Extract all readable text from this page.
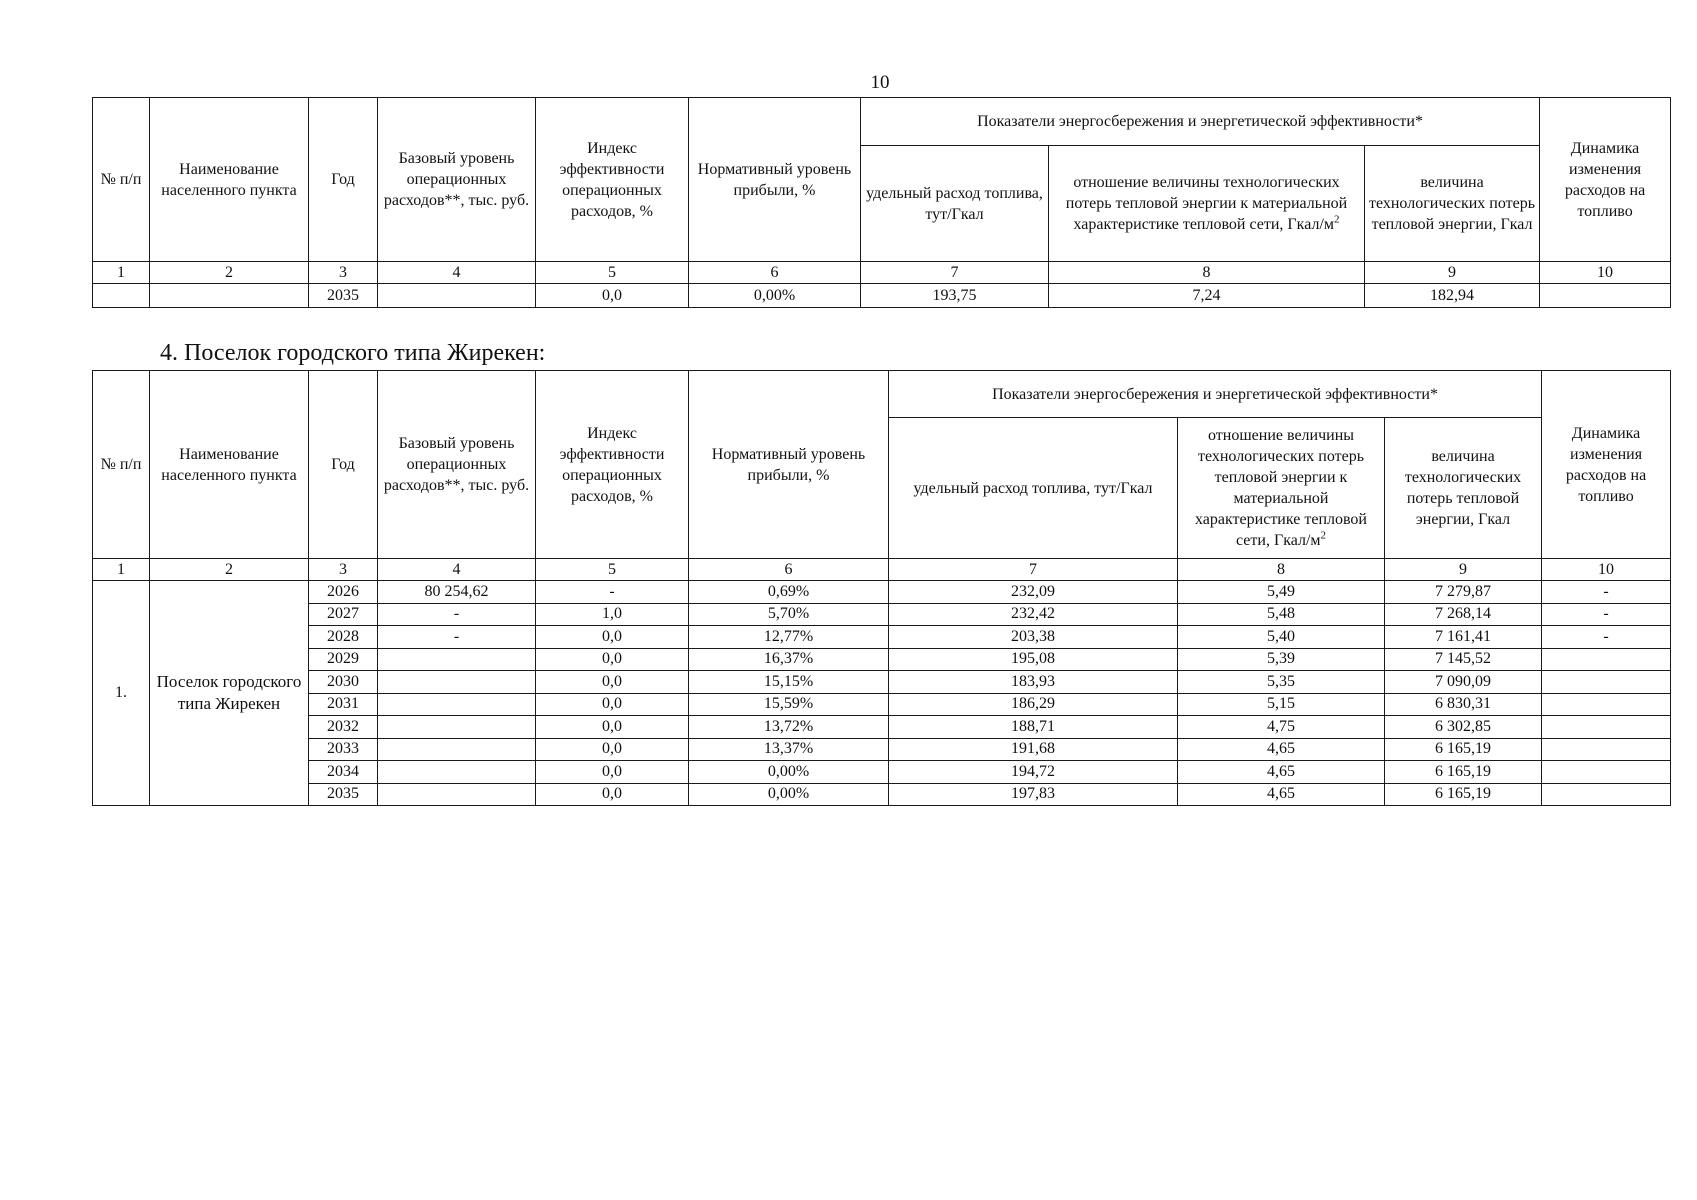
10
№ п/п	Наименование населенного пункта	Год	Базовый уровень операционных расходов**, тыс. руб.	Индекс эффективности операционных расходов, %	Нормативный уровень прибыли, %	Показатели энергосбережения и энергетической эффективности*			Динамика изменения расходов на топливо
						удельный расход топлива, тут/Гкал	отношение величины технологических потерь тепловой энергии к материальной характеристике тепловой сети, Гкал/$м^2$	величина технологических потерь тепловой энергии, Гкал	
1	2	3	4	5	6	7	8	9	10
		2035		0,0	0,00%	193,75	7,24	182,94	
4. Поселок городского типа Жирекен:
№ п/п	Наименование населенного пункта	Год	Базовый уровень операционных расходов**, тыс. руб.	Индекс эффективности операционных расходов, %	Нормативный уровень прибыли, %	Показатели энергосбережения и энергетической эффективности*			Динамика изменения расходов на топливо
						удельный расход топлива, тут/Гкал	отношение величины технологических потерь тепловой энергии к материальной характеристике тепловой сети, Гкал/$м^2$	величина технологических потерь тепловой энергии, Гкал	
1	2	3	4	5	6	7	8	9	10
1.	Поселок городского типа Жирекен	2026	80 254,62	-	0,69%	232,09	5,49	7 279,87	-
		2027	-	1,0	5,70%	232,42	5,48	7 268,14	-
		2028	-	0,0	12,77%	203,38	5,40	7 161,41	-
		2029		0,0	16,37%	195,08	5,39	7 145,52	
		2030		0,0	15,15%	183,93	5,35	7 090,09	
		2031		0,0	15,59%	186,29	5,15	6 830,31	
		2032		0,0	13,72%	188,71	4,75	6 302,85	
		2033		0,0	13,37%	191,68	4,65	6 165,19	
		2034		0,0	0,00%	194,72	4,65	6 165,19	
		2035		0,0	0,00%	197,83	4,65	6 165,19	
